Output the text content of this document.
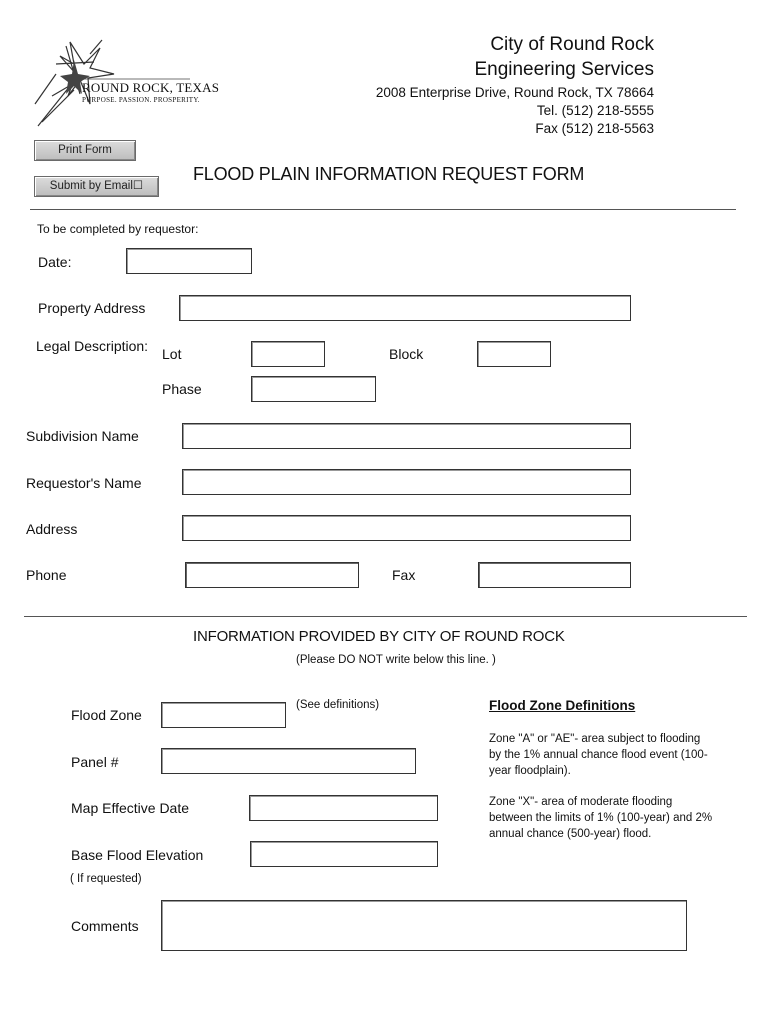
ROUND ROCK, TEXAS
PURPOSE. PASSION. PROSPERITY.
City of Round Rock
Engineering Services
2008 Enterprise Drive, Round Rock, TX 78664
Tel. (512) 218-5555
Fax (512) 218-5563
Print Form
Submit by Email☐
FLOOD PLAIN INFORMATION REQUEST FORM
To be completed by requestor:
Date:
Property Address
Legal Description: Lot	Block
Phase
Subdivision Name
Requestor's Name
Address
Phone	Fax
INFORMATION PROVIDED BY CITY OF ROUND ROCK
(Please DO NOT write below this line. )
Flood Zone
(See definitions)
Panel #
Map Effective Date
Base Flood Elevation
( If requested)
Comments
Flood Zone Definitions
Zone "A" or "AE"- area subject to flooding by the 1% annual chance flood event (100-year floodplain).
Zone "X"- area of moderate flooding between the limits of 1% (100-year) and 2% annual chance (500-year) flood.
